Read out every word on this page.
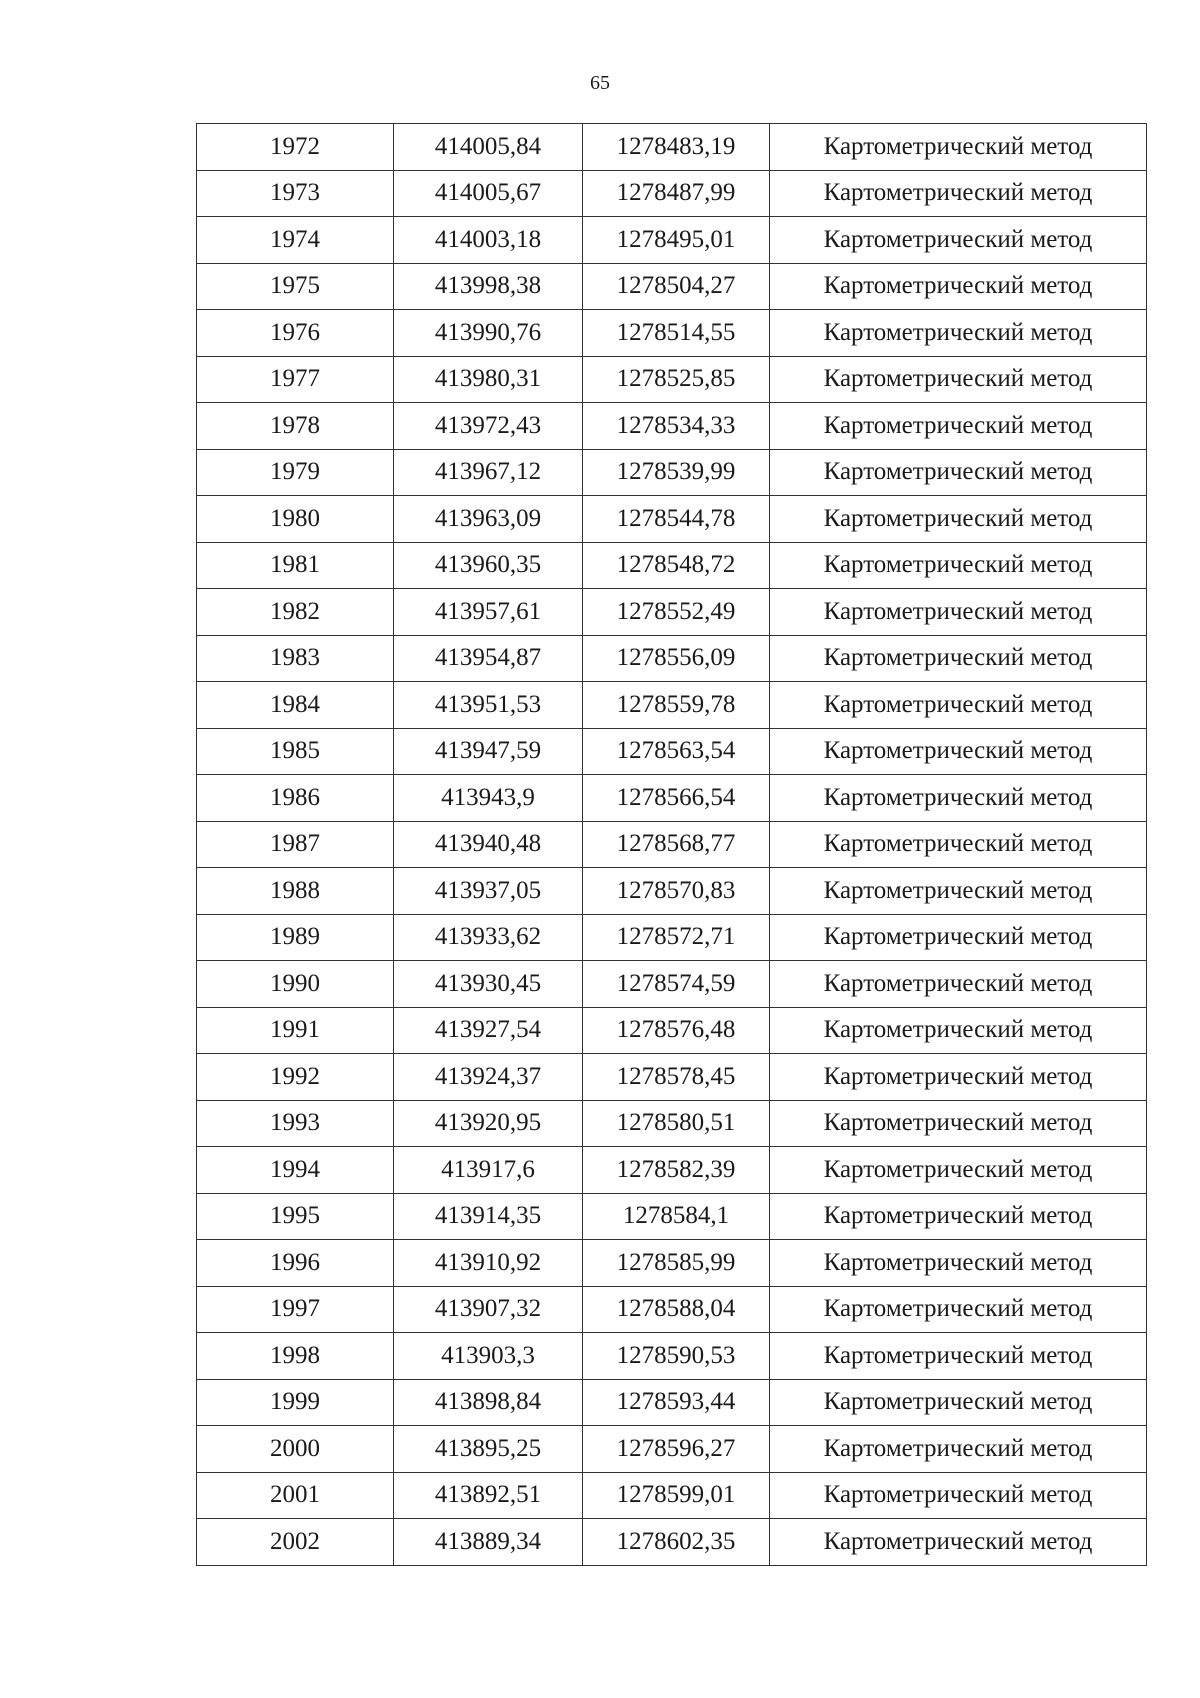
65
1972	414005,84	1278483,19	Картометрический метод
1973	414005,67	1278487,99	Картометрический метод
1974	414003,18	1278495,01	Картометрический метод
1975	413998,38	1278504,27	Картометрический метод
1976	413990,76	1278514,55	Картометрический метод
1977	413980,31	1278525,85	Картометрический метод
1978	413972,43	1278534,33	Картометрический метод
1979	413967,12	1278539,99	Картометрический метод
1980	413963,09	1278544,78	Картометрический метод
1981	413960,35	1278548,72	Картометрический метод
1982	413957,61	1278552,49	Картометрический метод
1983	413954,87	1278556,09	Картометрический метод
1984	413951,53	1278559,78	Картометрический метод
1985	413947,59	1278563,54	Картометрический метод
1986	413943,9	1278566,54	Картометрический метод
1987	413940,48	1278568,77	Картометрический метод
1988	413937,05	1278570,83	Картометрический метод
1989	413933,62	1278572,71	Картометрический метод
1990	413930,45	1278574,59	Картометрический метод
1991	413927,54	1278576,48	Картометрический метод
1992	413924,37	1278578,45	Картометрический метод
1993	413920,95	1278580,51	Картометрический метод
1994	413917,6	1278582,39	Картометрический метод
1995	413914,35	1278584,1	Картометрический метод
1996	413910,92	1278585,99	Картометрический метод
1997	413907,32	1278588,04	Картометрический метод
1998	413903,3	1278590,53	Картометрический метод
1999	413898,84	1278593,44	Картометрический метод
2000	413895,25	1278596,27	Картометрический метод
2001	413892,51	1278599,01	Картометрический метод
2002	413889,34	1278602,35	Картометрический метод
